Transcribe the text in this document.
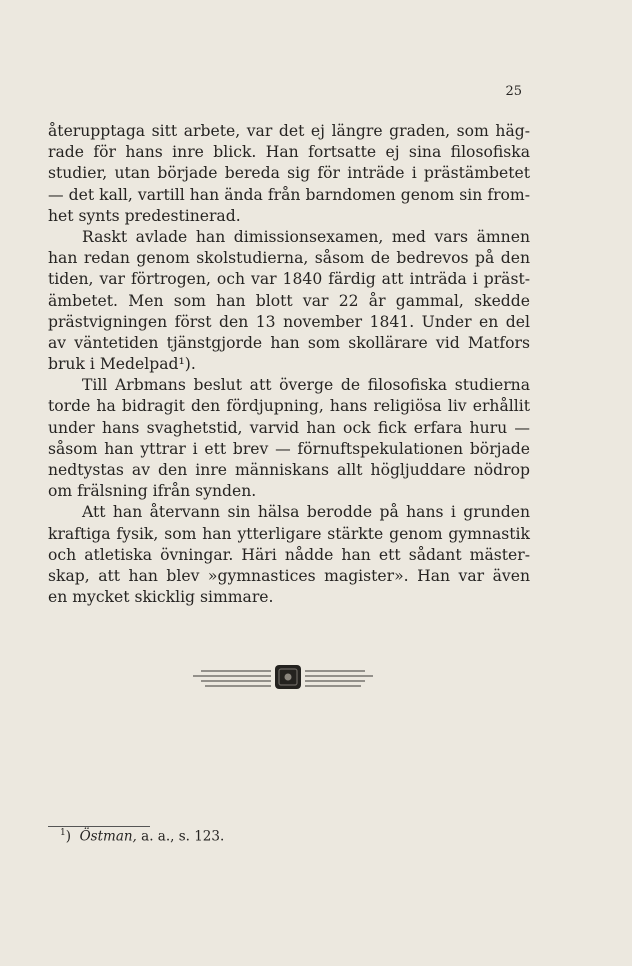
25
återupptaga sitt arbete, var det ej längre graden, som häg-
rade för hans inre blick. Han fortsatte ej sina filosofiska
studier, utan började bereda sig för inträde i prästämbetet
— det kall, vartill han ända från barndomen genom sin from-
het synts predestinerad.
Raskt avlade han dimissionsexamen, med vars ämnen
han redan genom skolstudierna, såsom de bedrevos på den
tiden, var förtrogen, och var 1840 färdig att inträda i präst-
ämbetet. Men som han blott var 22 år gammal, skedde
prästvigningen först den 13 november 1841. Under en del
av väntetiden tjänstgjorde han som skollärare vid Matfors
bruk i Medelpad¹).
Till Arbmans beslut att överge de filosofiska studierna
torde ha bidragit den fördjupning, hans religiösa liv erhållit
under hans svaghetstid, varvid han ock fick erfara huru —
såsom han yttrar i ett brev — förnuftspekulationen började
nedtystas av den inre människans allt högljuddare nödrop
om frälsning ifrån synden.
Att han återvann sin hälsa berodde på hans i grunden
kraftiga fysik, som han ytterligare stärkte genom gymnastik
och atletiska övningar. Häri nådde han ett sådant mäster-
skap, att han blev »gymnastices magister». Han var även
en mycket skicklig simmare.
$^1$)  Östman, a. a., s. 123.
